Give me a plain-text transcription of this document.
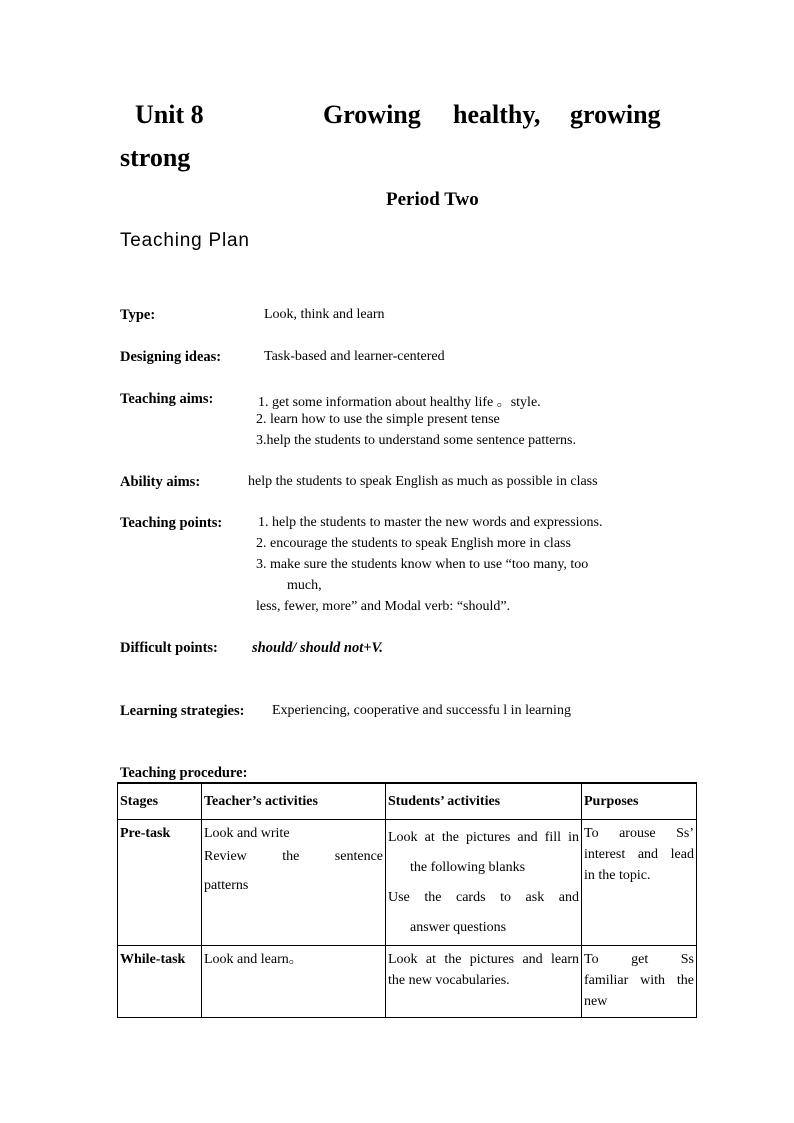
Unit 8	Growing healthy, growing
strong
Period Two
Teaching Plan
Type:	Look, think and learn
Designing ideas:	Task-based and learner-centered
Teaching aims:	1. get some information about healthy life 。style.
2. learn how to use the simple present tense
3.help the students to understand some sentence patterns.
Ability aims:	help the students to speak English as much as possible in class
Teaching points:	1. help the students to master the new words and expressions.
2. encourage the students to speak English more in class
3. make sure the students know when to use “too many, too
much,
less, fewer, more” and Modal verb: “should”.
Difficult points: should/ should not+V.
Learning strategies: Experiencing, cooperative and successfu l in learning
Teaching procedure:
Stages	Teacher’s activities	Students’ activities	Purposes
Pre-task	Look and write
Review the sentence
patterns	Look at the pictures and fill in
the following blanks
Use the cards to ask and
answer questions	To arouse Ss’
interest and lead
in the topic.

While-task	Look and learn。	Look at the pictures and learn
the new vocabularies.	To get Ss
familiar with the
new
